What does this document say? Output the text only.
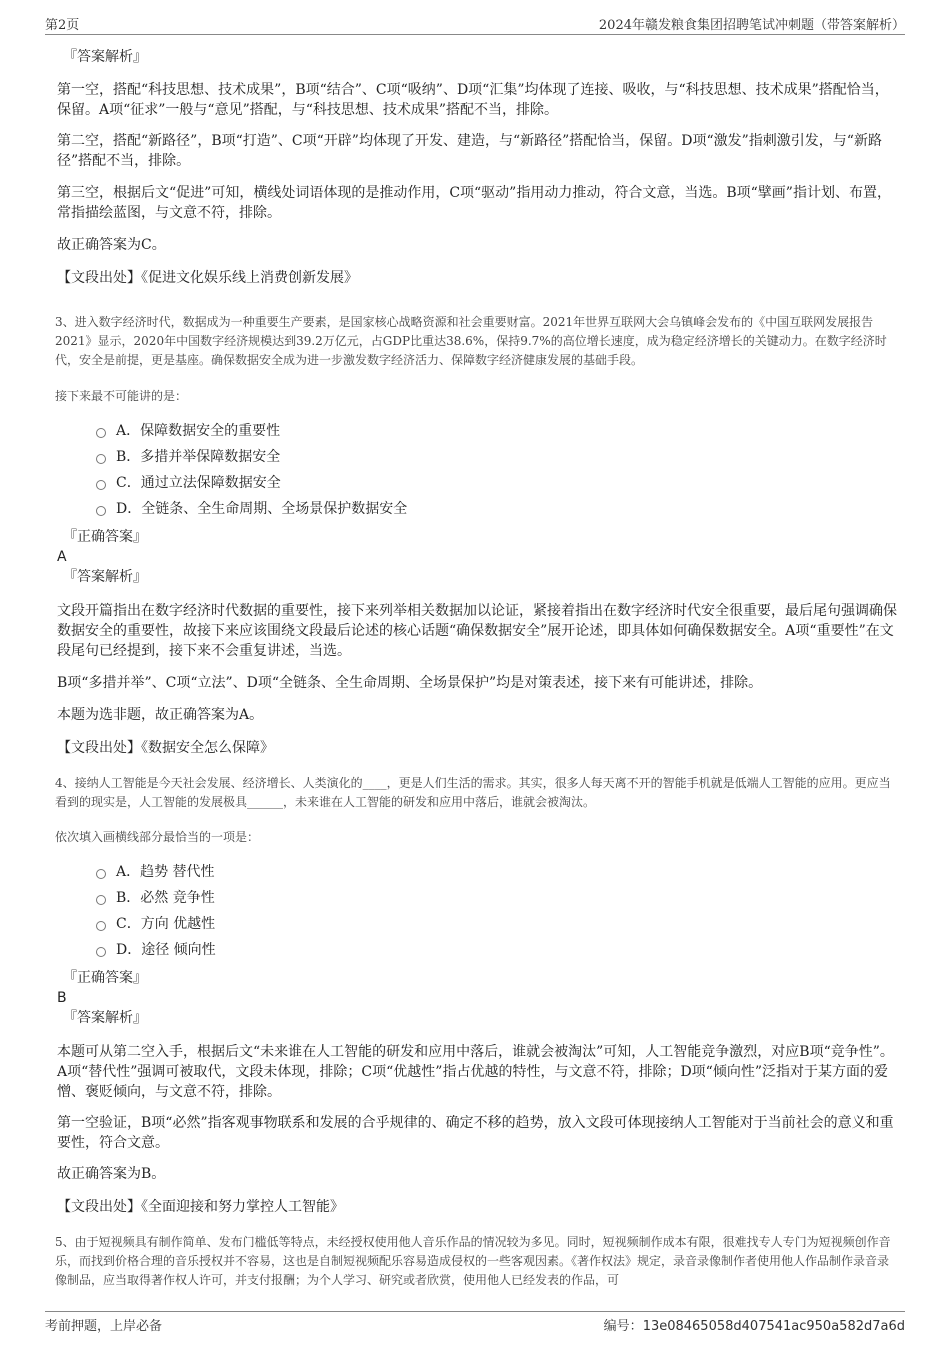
第2页	2024年赣发粮食集团招聘笔试冲刺题（带答案解析）
『答案解析』

第一空，搭配“科技思想、技术成果”，B项“结合”、C项“吸纳”、D项“汇集”均体现了连接、吸收，与“科技思想、技术成果”搭配恰当，保留。A项“征求”一般与“意见”搭配，与“科技思想、技术成果”搭配不当，排除。

第二空，搭配“新路径”，B项“打造”、C项“开辟”均体现了开发、建造，与“新路径”搭配恰当，保留。D项“激发”指刺激引发，与“新路径”搭配不当，排除。

第三空，根据后文“促进”可知，横线处词语体现的是推动作用，C项“驱动”指用动力推动，符合文意，当选。B项“擘画”指计划、布置，常指描绘蓝图，与文意不符，排除。

故正确答案为C。

【文段出处】《促进文化娱乐线上消费创新发展》

3、进入数字经济时代，数据成为一种重要生产要素，是国家核心战略资源和社会重要财富。2021年世界互联网大会乌镇峰会发布的《中国互联网发展报告2021》显示，2020年中国数字经济规模达到39.2万亿元，占GDP比重达38.6%，保持9.7%的高位增长速度，成为稳定经济增长的关键动力。在数字经济时代，安全是前提，更是基座。确保数据安全成为进一步激发数字经济活力、保障数字经济健康发展的基础手段。

接下来最不可能讲的是：

A．保障数据安全的重要性
B．多措并举保障数据安全
C．通过立法保障数据安全
D．全链条、全生命周期、全场景保护数据安全
『正确答案』
A
『答案解析』

文段开篇指出在数字经济时代数据的重要性，接下来列举相关数据加以论证，紧接着指出在数字经济时代安全很重要，最后尾句强调确保数据安全的重要性，故接下来应该围绕文段最后论述的核心话题“确保数据安全”展开论述，即具体如何确保数据安全。A项“重要性”在文段尾句已经提到，接下来不会重复讲述，当选。

B项“多措并举”、C项“立法”、D项“全链条、全生命周期、全场景保护”均是对策表述，接下来有可能讲述，排除。

本题为选非题，故正确答案为A。

【文段出处】《数据安全怎么保障》

4、接纳人工智能是今天社会发展、经济增长、人类演化的____，更是人们生活的需求。其实，很多人每天离不开的智能手机就是低端人工智能的应用。更应当看到的现实是，人工智能的发展极具______，未来谁在人工智能的研发和应用中落后，谁就会被淘汰。

依次填入画横线部分最恰当的一项是：

A．趋势 替代性
B．必然 竞争性
C．方向 优越性
D．途径 倾向性
『正确答案』
B
『答案解析』

本题可从第二空入手，根据后文“未来谁在人工智能的研发和应用中落后，谁就会被淘汰”可知，人工智能竞争激烈，对应B项“竞争性”。A项“替代性”强调可被取代，文段未体现，排除；C项“优越性”指占优越的特性，与文意不符，排除；D项“倾向性”泛指对于某方面的爱憎、褒贬倾向，与文意不符，排除。

第一空验证，B项“必然”指客观事物联系和发展的合乎规律的、确定不移的趋势，放入文段可体现接纳人工智能对于当前社会的意义和重要性，符合文意。

故正确答案为B。

【文段出处】《全面迎接和努力掌控人工智能》

5、由于短视频具有制作简单、发布门槛低等特点，未经授权使用他人音乐作品的情况较为多见。同时，短视频制作成本有限，很难找专人专门为短视频创作音乐，而找到价格合理的音乐授权并不容易，这也是自制短视频配乐容易造成侵权的一些客观因素。《著作权法》规定，录音录像制作者使用他人作品制作录音录像制品，应当取得著作权人许可，并支付报酬；为个人学习、研究或者欣赏，使用他人已经发表的作品，可

考前押题，上岸必备	编号：13e08465058d407541ac950a582d7a6d
